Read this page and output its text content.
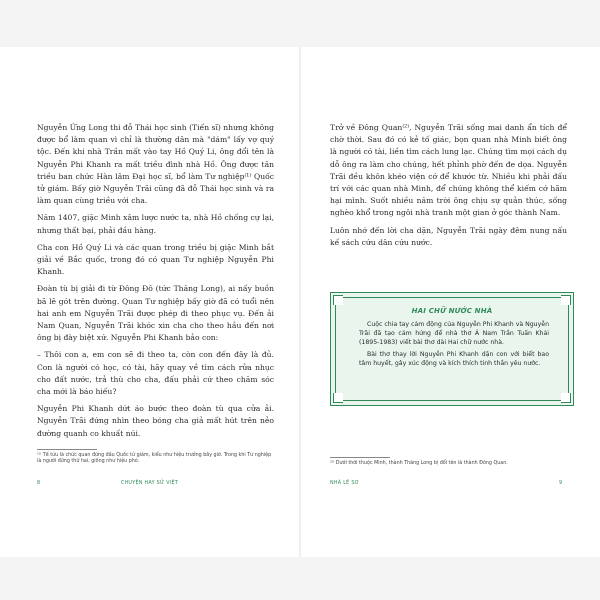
Nguyễn Ứng Long thi đỗ Thái học sinh (Tiến sĩ) nhưng không được bổ làm quan vì chỉ là thường dân mà "dám" lấy vợ quý tộc. Đến khi nhà Trần mất vào tay Hồ Quý Li, ông đổi tên là Nguyễn Phi Khanh ra mất triều đình nhà Hồ. Ông được tân triều ban chức Hàn lâm Đại học sĩ, bổ làm Tư nghiệp⁽¹⁾ Quốc tử giám. Bấy giờ Nguyễn Trãi cũng đã đỗ Thái học sinh và ra làm quan cùng triều với cha.

Năm 1407, giặc Minh xâm lược nước ta, nhà Hồ chống cự lại, nhưng thất bại, phải đầu hàng.

Cha con Hồ Quý Li và các quan trong triều bị giặc Minh bắt giải về Bắc quốc, trong đó có quan Tư nghiệp Nguyễn Phi Khanh.

Đoàn tù bị giải đi từ Đông Đô (tức Thăng Long), ai nấy buồn bã lê gót trên đường. Quan Tư nghiệp bấy giờ đã có tuổi nên hai anh em Nguyễn Trãi được phép đi theo phục vụ. Đến ải Nam Quan, Nguyễn Trãi khóc xin cha cho theo hầu đến nơi ông bị đày biệt xứ. Nguyễn Phi Khanh bảo con:

– Thôi con a, em con sẽ đi theo ta, còn con đến đây là đủ. Con là người có học, có tài, hãy quay về tìm cách rửa nhục cho đất nước, trả thù cho cha, đấu phải cứ theo chăm sóc cha mới là báo hiếu?

Nguyễn Phi Khanh dứt áo bước theo đoàn tù qua cửa ải. Nguyễn Trãi đứng nhìn theo bóng cha giả mất hút trên nẻo đường quanh co khuất núi.

⁽¹⁾ Tế tửu là chức quan đứng đầu Quốc tử giám, kiểu như hiệu trưởng bây giờ. Trong khi Tư nghiệp là người đứng thứ hai, giống như hiệu phó.
8	CHUYỆN HAY SỬ VIỆT

Trở về Đông Quan⁽²⁾, Nguyễn Trãi sống mai danh ẩn tích để chờ thời. Sau đó có kẻ tố giác, bọn quan nhà Minh biết ông là người có tài, liền tìm cách lung lạc. Chúng tìm mọi cách dụ dỗ ông ra làm cho chúng, hết phỉnh phờ đến đe dọa. Nguyễn Trãi đều khôn khéo viện cớ để khước từ. Nhiều khi phải đấu trí với các quan nhà Minh, để chúng không thể kiếm cớ hãm hại mình. Suốt nhiều năm trời ông chịu sự quản thúc, sống nghèo khổ trong ngôi nhà tranh một gian ở góc thành Nam.

Luôn nhớ đến lời cha dặn, Nguyễn Trãi ngày đêm nung nấu kế sách cứu dân cứu nước.

HAI CHỮ NƯỚC NHÀ

Cuộc chia tay cảm động của Nguyễn Phi Khanh và Nguyễn Trãi đã tạo cảm hứng để nhà thơ Á Nam Trần Tuấn Khải (1895-1983) viết bài thơ dài Hai chữ nước nhà.

Bài thơ thay lời Nguyễn Phi Khanh dặn con với biết bao tâm huyết, gây xúc động và kích thích tinh thần yêu nước.

⁽²⁾ Dưới thời thuộc Minh, thành Thăng Long bị đổi tên là thành Đông Quan.
NHÀ LÊ SƠ	9
